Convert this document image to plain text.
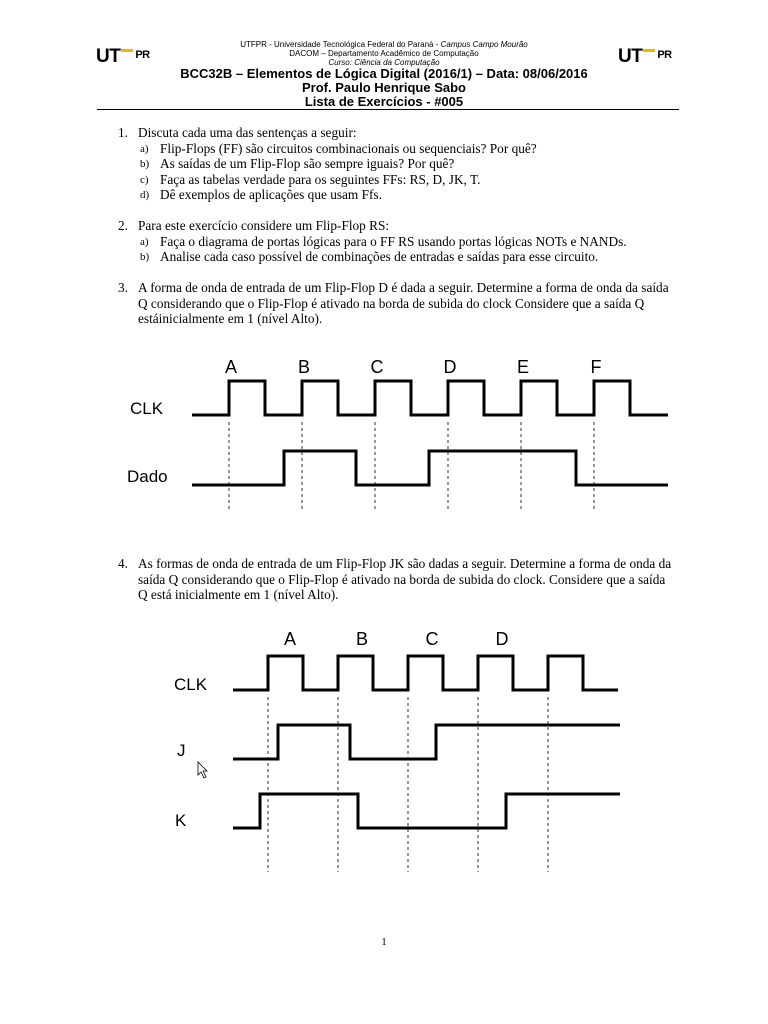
UT $^{PR}$	UT $^{PR}$
UTFPR - Universidade Tecnológica Federal do Paraná - Campus Campo Mourão
DACOM – Departamento Acadêmico de Computação
Curso: Ciência da Computação
BCC32B – Elementos de Lógica Digital (2016/1) – Data: 08/06/2016
Prof. Paulo Henrique Sabo
Lista de Exercícios - #005
1. Discuta cada uma das sentenças a seguir:
a) Flip-Flops (FF) são circuitos combinacionais ou sequenciais? Por quê?
b) As saídas de um Flip-Flop são sempre iguais? Por quê?
c) Faça as tabelas verdade para os seguintes FFs: RS, D, JK, T.
d) Dê exemplos de aplicações que usam Ffs.
2. Para este exercício considere um Flip-Flop RS:
a) Faça o diagrama de portas lógicas para o FF RS usando portas lógicas NOTs e NANDs.
b) Analise cada caso possível de combinações de entradas e saídas para esse circuito.
3. A forma de onda de entrada de um Flip-Flop D é dada a seguir. Determine a forma de onda da saída Q considerando que o Flip-Flop é ativado na borda de subida do clock Considere que a saída Q estáinicialmente em 1 (nível Alto).
A	B	C	D	E	F
CLK
Dado
A	B	C	D
CLK
J
K
4. As formas de onda de entrada de um Flip-Flop JK são dadas a seguir. Determine a forma de onda da saída Q considerando que o Flip-Flop é ativado na borda de subida do clock. Considere que a saída Q está inicialmente em 1 (nível Alto).
1
